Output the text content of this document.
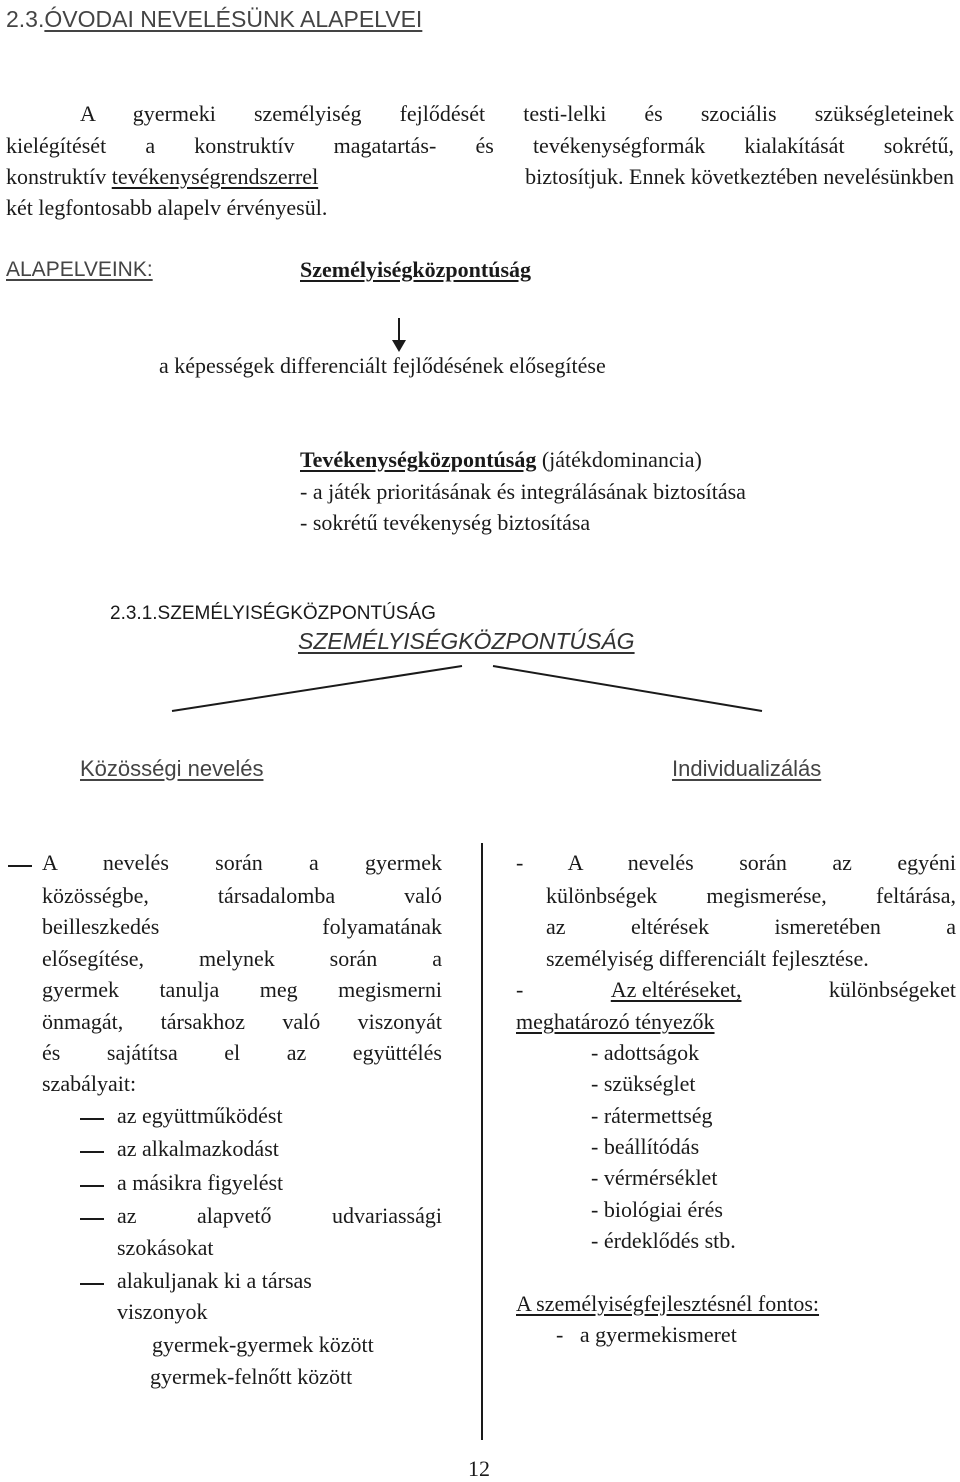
2.3.ÓVODAI NEVELÉSÜNK ALAPELVEI
A gyermeki személyiség fejlődését testi-lelki és szociális szükségleteinek
kielégítését a konstruktív magatartás- és tevékenységformák kialakítását sokrétű,
konstruktív tevékenységrendszerrel	biztosítjuk. Ennek következtében nevelésünkben
két legfontosabb alapelv érvényesül.
ALAPELVEINK:	Személyiségközpontúság
a képességek differenciált fejlődésének elősegítése
Tevékenységközpontúság (játékdominancia)
- a játék prioritásának és integrálásának biztosítása
- sokrétű tevékenység biztosítása
2.3.1.SZEMÉLYISÉGKÖZPONTÚSÁG
SZEMÉLYISÉGKÖZPONTÚSÁG
Közösségi nevelés	Individualizálás
A nevelés során a gyermek
közösségbe, társadalomba való
beilleszkedés folyamatának
elősegítése, melynek során a
gyermek tanulja meg megismerni
önmagát, társakhoz való viszonyát
és sajátítsa el az együttélés
szabályait:
az együttműködést
az alkalmazkodást
a másikra figyelést
az alapvető udvariassági
szokásokat
alakuljanak ki a társas
viszonyok
gyermek-gyermek között
gyermek-felnőtt között
- A nevelés során az egyéni
különbségek megismerése, feltárása,
az eltérések ismeretében a
személyiség differenciált fejlesztése.
-	Az eltéréseket,	különbségeket
meghatározó tényezők
- adottságok
- szükséglet
- rátermettség
- beállítódás
- vérmérséklet
- biológiai érés
- érdeklődés stb.
A személyiségfejlesztésnél fontos:
-   a gyermekismeret
12
